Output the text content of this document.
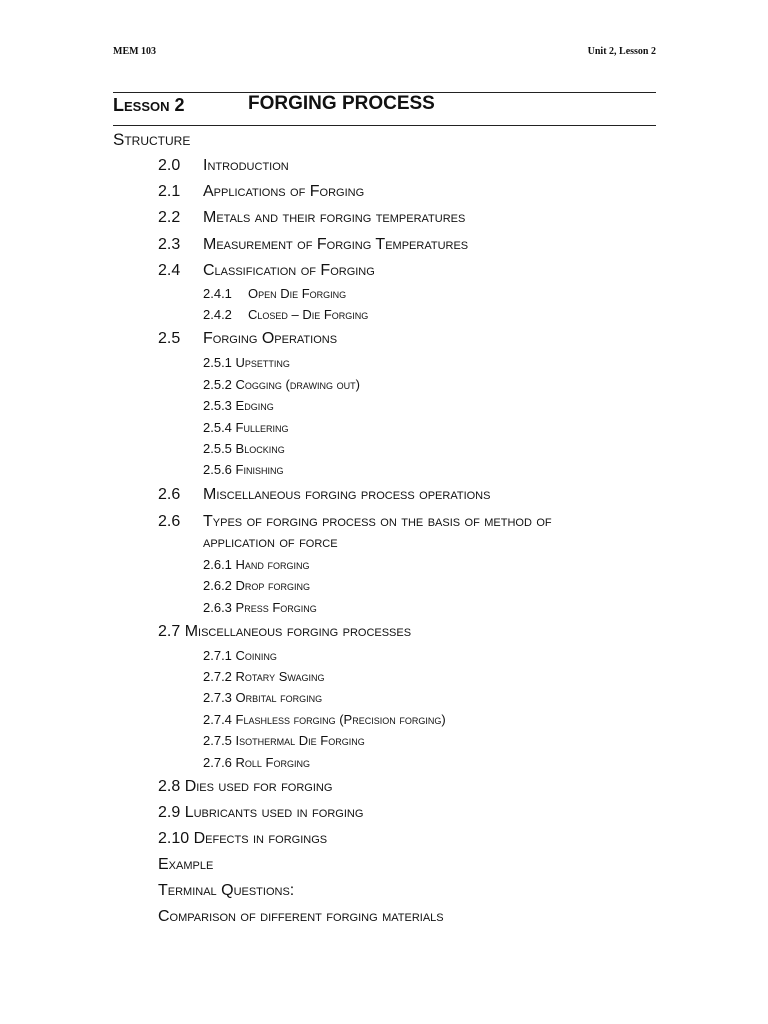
MEM 103	Unit 2, Lesson 2
Lesson 2	FORGING PROCESS
Structure
2.0 Introduction
2.1 Applications of Forging
2.2 Metals and their forging temperatures
2.3 Measurement of Forging Temperatures
2.4 Classification of Forging
2.4.1 Open Die Forging
2.4.2 Closed – Die Forging
2.5 Forging Operations
2.5.1 Upsetting
2.5.2 Cogging (drawing out)
2.5.3 Edging
2.5.4 Fullering
2.5.5 Blocking
2.5.6 Finishing
2.6 Miscellaneous forging process operations
2.6 Types of forging process on the basis of method of
application of force
2.6.1 Hand forging
2.6.2 Drop forging
2.6.3 Press Forging
2.7 Miscellaneous forging processes
2.7.1 Coining
2.7.2 Rotary Swaging
2.7.3 Orbital forging
2.7.4 Flashless forging (Precision forging)
2.7.5 Isothermal Die Forging
2.7.6 Roll Forging
2.8 Dies used for forging
2.9 Lubricants used in forging
2.10 Defects in forgings
Example
Terminal Questions:
Comparison of different forging materials
